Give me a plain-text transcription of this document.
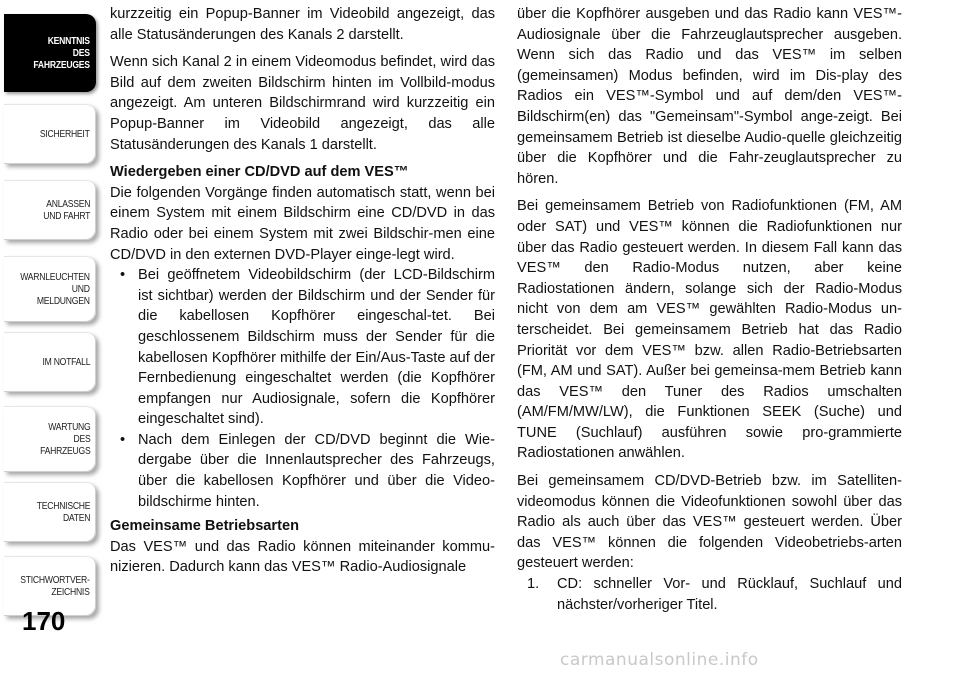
KENNTNIS
DES
FAHRZEUGES
SICHERHEIT
ANLASSEN
UND FAHRT
WARNLEUCHTEN
UND
MELDUNGEN
IM NOTFALL
WARTUNG
DES
FAHRZEUGS
TECHNISCHE
DATEN
STICHWORTVER-
ZEICHNIS
170

kurzzeitig ein Popup-Banner im Videobild angezeigt, das alle Statusänderungen des Kanals 2 darstellt.

Wenn sich Kanal 2 in einem Videomodus befindet, wird das Bild auf dem zweiten Bildschirm hinten im Vollbild-modus angezeigt. Am unteren Bildschirmrand wird kurzzeitig ein Popup-Banner im Videobild angezeigt, das alle Statusänderungen des Kanals 1 darstellt.

Wiedergeben einer CD/DVD auf dem VES™

Die folgenden Vorgänge finden automatisch statt, wenn bei einem System mit einem Bildschirm eine CD/DVD in das Radio oder bei einem System mit zwei Bildschir-men eine CD/DVD in den externen DVD-Player einge-legt wird.

• Bei geöffnetem Videobildschirm (der LCD-Bildschirm ist sichtbar) werden der Bildschirm und der Sender für die kabellosen Kopfhörer eingeschal-tet. Bei geschlossenem Bildschirm muss der Sender für die kabellosen Kopfhörer mithilfe der Ein/Aus-Taste auf der Fernbedienung eingeschaltet werden (die Kopfhörer empfangen nur Audiosignale, sofern die Kopfhörer eingeschaltet sind).
• Nach dem Einlegen der CD/DVD beginnt die Wie-dergabe über die Innenlautsprecher des Fahrzeugs, über die kabellosen Kopfhörer und über die Video-bildschirme hinten.
Gemeinsame Betriebsarten

Das VES™ und das Radio können miteinander kommu-nizieren. Dadurch kann das VES™ Radio-Audiosignale

über die Kopfhörer ausgeben und das Radio kann VES™-Audiosignale über die Fahrzeuglautsprecher ausgeben. Wenn sich das Radio und das VES™ im selben (gemeinsamen) Modus befinden, wird im Dis-play des Radios ein VES™-Symbol und auf dem/den VES™-Bildschirm(en) das "Gemeinsam"-Symbol ange-zeigt. Bei gemeinsamem Betrieb ist dieselbe Audio-quelle gleichzeitig über die Kopfhörer und die Fahr-zeuglautsprecher zu hören.

Bei gemeinsamem Betrieb von Radiofunktionen (FM, AM oder SAT) und VES™ können die Radiofunktionen nur über das Radio gesteuert werden. In diesem Fall kann das VES™ den Radio-Modus nutzen, aber keine Radiostationen ändern, solange sich der Radio-Modus nicht von dem am VES™ gewählten Radio-Modus un-terscheidet. Bei gemeinsamem Betrieb hat das Radio Priorität vor dem VES™ bzw. allen Radio-Betriebsarten (FM, AM und SAT). Außer bei gemeinsa-mem Betrieb kann das VES™ den Tuner des Radios umschalten (AM/FM/MW/LW), die Funktionen SEEK (Suche) und TUNE (Suchlauf) ausführen sowie pro-grammierte Radiostationen anwählen.

Bei gemeinsamem CD/DVD-Betrieb bzw. im Satelliten-videomodus können die Videofunktionen sowohl über das Radio als auch über das VES™ gesteuert werden. Über das VES™ können die folgenden Videobetriebs-arten gesteuert werden:

1. CD: schneller Vor- und Rücklauf, Suchlauf und nächster/vorheriger Titel.
carmanualsonline.info
